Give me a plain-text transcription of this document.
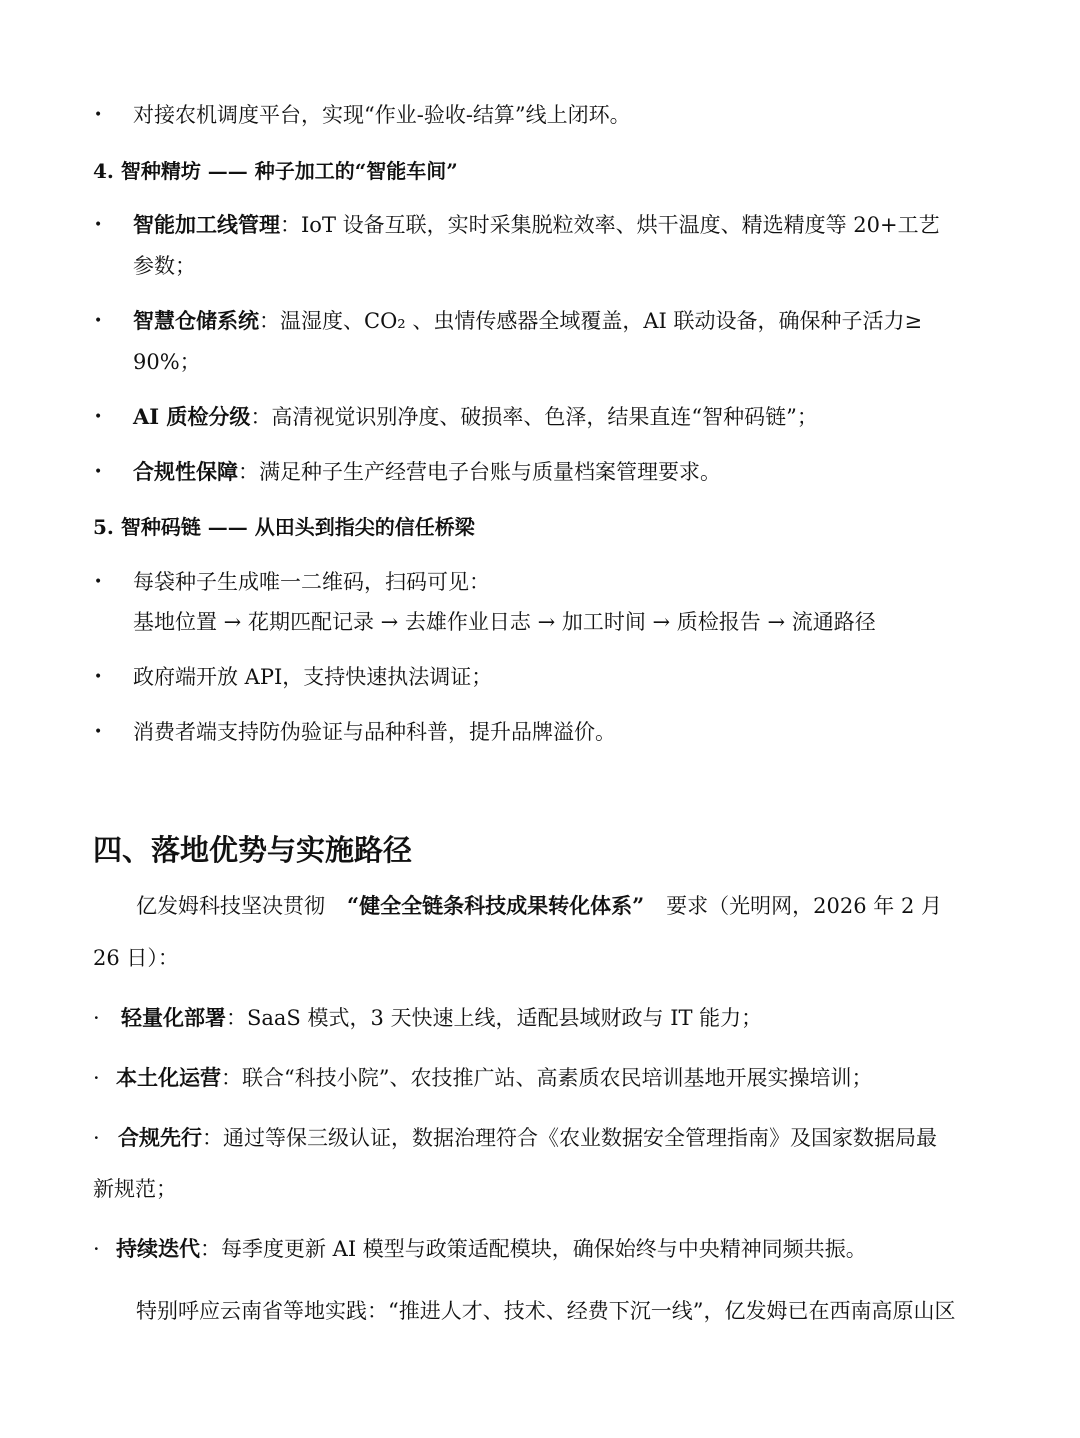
•	对接农机调度平台，实现“作业-验收-结算”线上闭环。
4. 智种精坊 —— 种子加工的“智能车间”
•	智能加工线管理：IoT 设备互联，实时采集脱粒效率、烘干温度、精选精度等 20+工艺
参数；
•	智慧仓储系统：温湿度、CO₂ 、虫情传感器全域覆盖，AI 联动设备，确保种子活力≥
90%；
•	AI 质检分级：高清视觉识别净度、破损率、色泽，结果直连“智种码链”；
•	合规性保障：满足种子生产经营电子台账与质量档案管理要求。
5. 智种码链 —— 从田头到指尖的信任桥梁
•	每袋种子生成唯一二维码，扫码可见：
基地位置 → 花期匹配记录 → 去雄作业日志 → 加工时间 → 质检报告 → 流通路径
•	政府端开放 API，支持快速执法调证；
•	消费者端支持防伪验证与品种科普，提升品牌溢价。
四、落地优势与实施路径
亿发姆科技坚决贯彻 “健全全链条科技成果转化体系” 要求（光明网，2026 年 2 月
26 日）：
·	轻量化部署：SaaS 模式，3 天快速上线，适配县域财政与 IT 能力；
· 本土化运营：联合“科技小院”、农技推广站、高素质农民培训基地开展实操培训；
· 合规先行：通过等保三级认证，数据治理符合《农业数据安全管理指南》及国家数据局最
新规范；
· 持续迭代：每季度更新 AI 模型与政策适配模块，确保始终与中央精神同频共振。
特别呼应云南省等地实践：“推进人才、技术、经费下沉一线”，亿发姆已在西南高原山区
